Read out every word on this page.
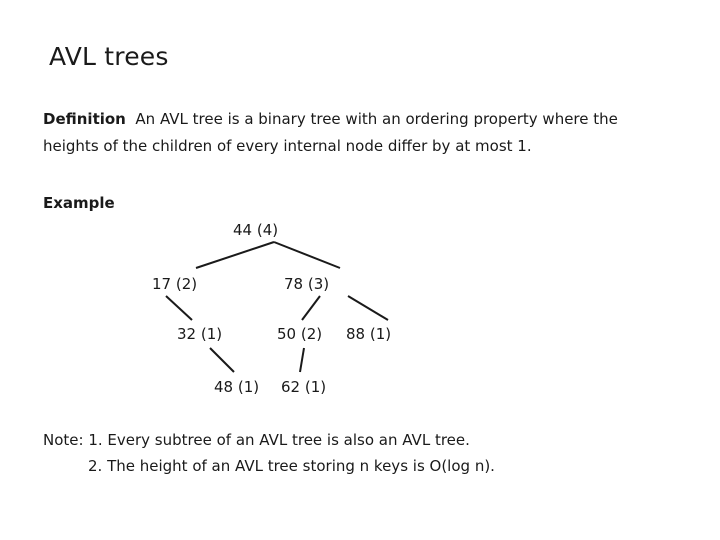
AVL trees
Definition An AVL tree is a binary tree with an ordering property where the
heights of the children of every internal node differ by at most 1.
Example
44 (4)
17 (2)	78 (3)
32 (1)	50 (2) 88 (1)
48 (1) 62 (1)
Note: 1. Every subtree of an AVL tree is also an AVL tree.
2. The height of an AVL tree storing n keys is O(log n).
